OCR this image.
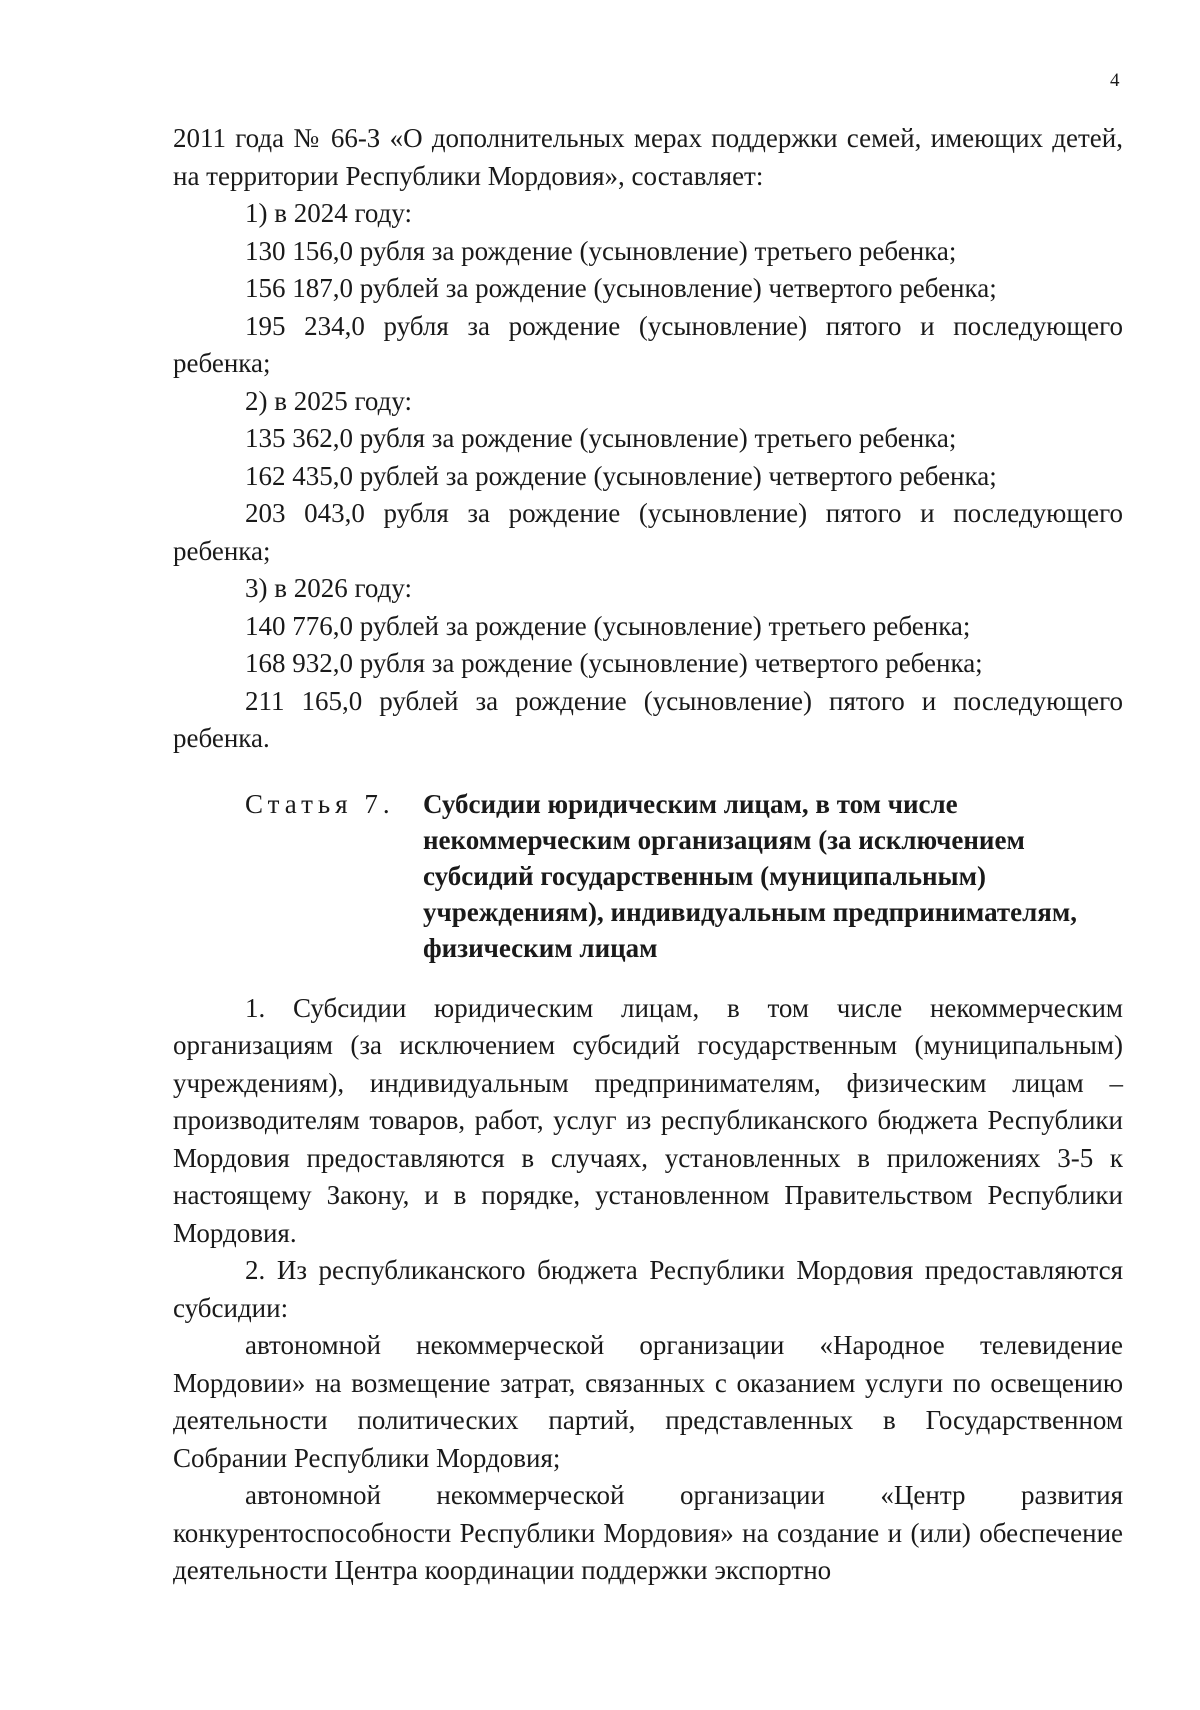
4

2011 года № 66-З «О дополнительных мерах поддержки семей, имеющих детей, на территории Республики Мордовия», составляет:

1) в 2024 году:

130 156,0 рубля за рождение (усыновление) третьего ребенка;

156 187,0 рублей за рождение (усыновление) четвертого ребенка;

195 234,0 рубля за рождение (усыновление) пятого и последующего ребенка;

2) в 2025 году:

135 362,0 рубля за рождение (усыновление) третьего ребенка;

162 435,0 рублей за рождение (усыновление) четвертого ребенка;

203 043,0 рубля за рождение (усыновление) пятого и последующего ребенка;

3) в 2026 году:

140 776,0 рублей за рождение (усыновление) третьего ребенка;

168 932,0 рубля за рождение (усыновление) четвертого ребенка;

211 165,0 рублей за рождение (усыновление) пятого и последующего ребенка.

Статья 7. Субсидии юридическим лицам, в том числе некоммерческим организациям (за исключением субсидий государственным (муниципальным) учреждениям), индивидуальным предпринимателям, физическим лицам

1. Субсидии юридическим лицам, в том числе некоммерческим организациям (за исключением субсидий государственным (муниципальным) учреждениям), индивидуальным предпринимателям, физическим лицам – производителям товаров, работ, услуг из республиканского бюджета Республики Мордовия предоставляются в случаях, установленных в приложениях 3-5 к настоящему Закону, и в порядке, установленном Правительством Республики Мордовия.

2. Из республиканского бюджета Республики Мордовия предоставляются субсидии:

автономной некоммерческой организации «Народное телевидение Мордовии» на возмещение затрат, связанных с оказанием услуги по освещению деятельности политических партий, представленных в Государственном Собрании Республики Мордовия;

автономной некоммерческой организации «Центр развития конкурентоспособности Республики Мордовия» на создание и (или) обеспечение деятельности Центра координации поддержки экспортно
